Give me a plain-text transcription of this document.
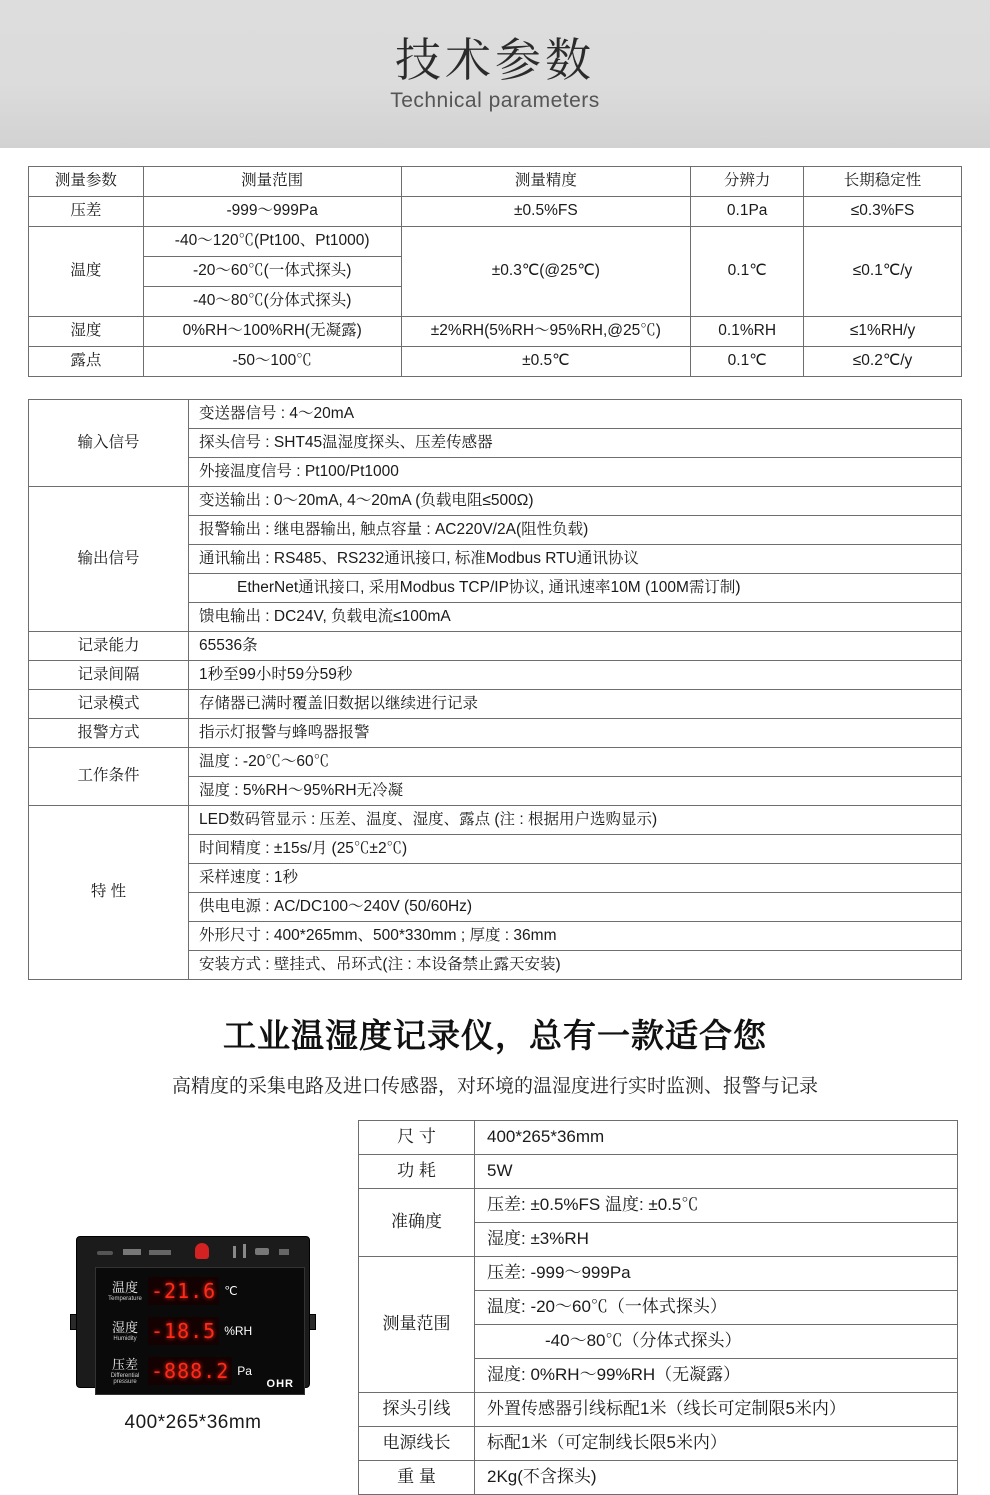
技术参数
Technical parameters
测量参数	测量范围	测量精度	分辨力	长期稳定性
压差	-999～999Pa	±0.5%FS	0.1Pa	≤0.3%FS
温度	-40～120℃(Pt100、Pt1000)	±0.3℃(@25℃)	0.1℃	≤0.1℃/y
	-20～60℃(一体式探头)			
	-40～80℃(分体式探头)			
湿度	0%RH～100%RH(无凝露)	±2%RH(5%RH～95%RH,@25℃)	0.1%RH	≤1%RH/y
露点	-50～100℃	±0.5℃	0.1℃	≤0.2℃/y
输入信号	变送器信号 : 4～20mA
	探头信号 : SHT45温湿度探头、压差传感器
	外接温度信号 : Pt100/Pt1000
输出信号	变送输出 : 0～20mA, 4～20mA (负载电阻≤500Ω)
	报警输出 : 继电器输出, 触点容量 : AC220V/2A(阻性负载)
	通讯输出 : RS485、RS232通讯接口, 标准Modbus RTU通讯协议
	EtherNet通讯接口, 采用Modbus TCP/IP协议, 通讯速率10M (100M需订制)
	馈电输出 : DC24V, 负载电流≤100mA
记录能力	65536条
记录间隔	1秒至99小时59分59秒
记录模式	存储器已满时覆盖旧数据以继续进行记录
报警方式	指示灯报警与蜂鸣器报警
工作条件	温度 : -20℃～60℃
	湿度 : 5%RH～95%RH无冷凝
特 性	LED数码管显示 : 压差、温度、湿度、露点 (注 : 根据用户选购显示)
	时间精度 : ±15s/月 (25℃±2℃)
	采样速度 : 1秒
	供电电源 : AC/DC100～240V (50/60Hz)
	外形尺寸 : 400*265mm、500*330mm ; 厚度 : 36mm
	安装方式 : 壁挂式、吊环式(注 : 本设备禁止露天安装)
工业温湿度记录仪，总有一款适合您
高精度的采集电路及进口传感器，对环境的温湿度进行实时监测、报警与记录
温度
Temperature -21.6 ℃
湿度
Humidity -18.5 %RH
压差
Differential pressure -888.2 Pa
OHR
400*265*36mm
尺 寸	400*265*36mm
功 耗	5W
准确度	压差: ±0.5%FS 温度: ±0.5℃
	湿度: ±3%RH
测量范围	压差: -999～999Pa
	温度: -20～60℃（一体式探头）
	-40～80℃（分体式探头）
	湿度: 0%RH～99%RH（无凝露）
探头引线	外置传感器引线标配1米（线长可定制限5米内）
电源线长	标配1米（可定制线长限5米内）
重 量	2Kg(不含探头)
